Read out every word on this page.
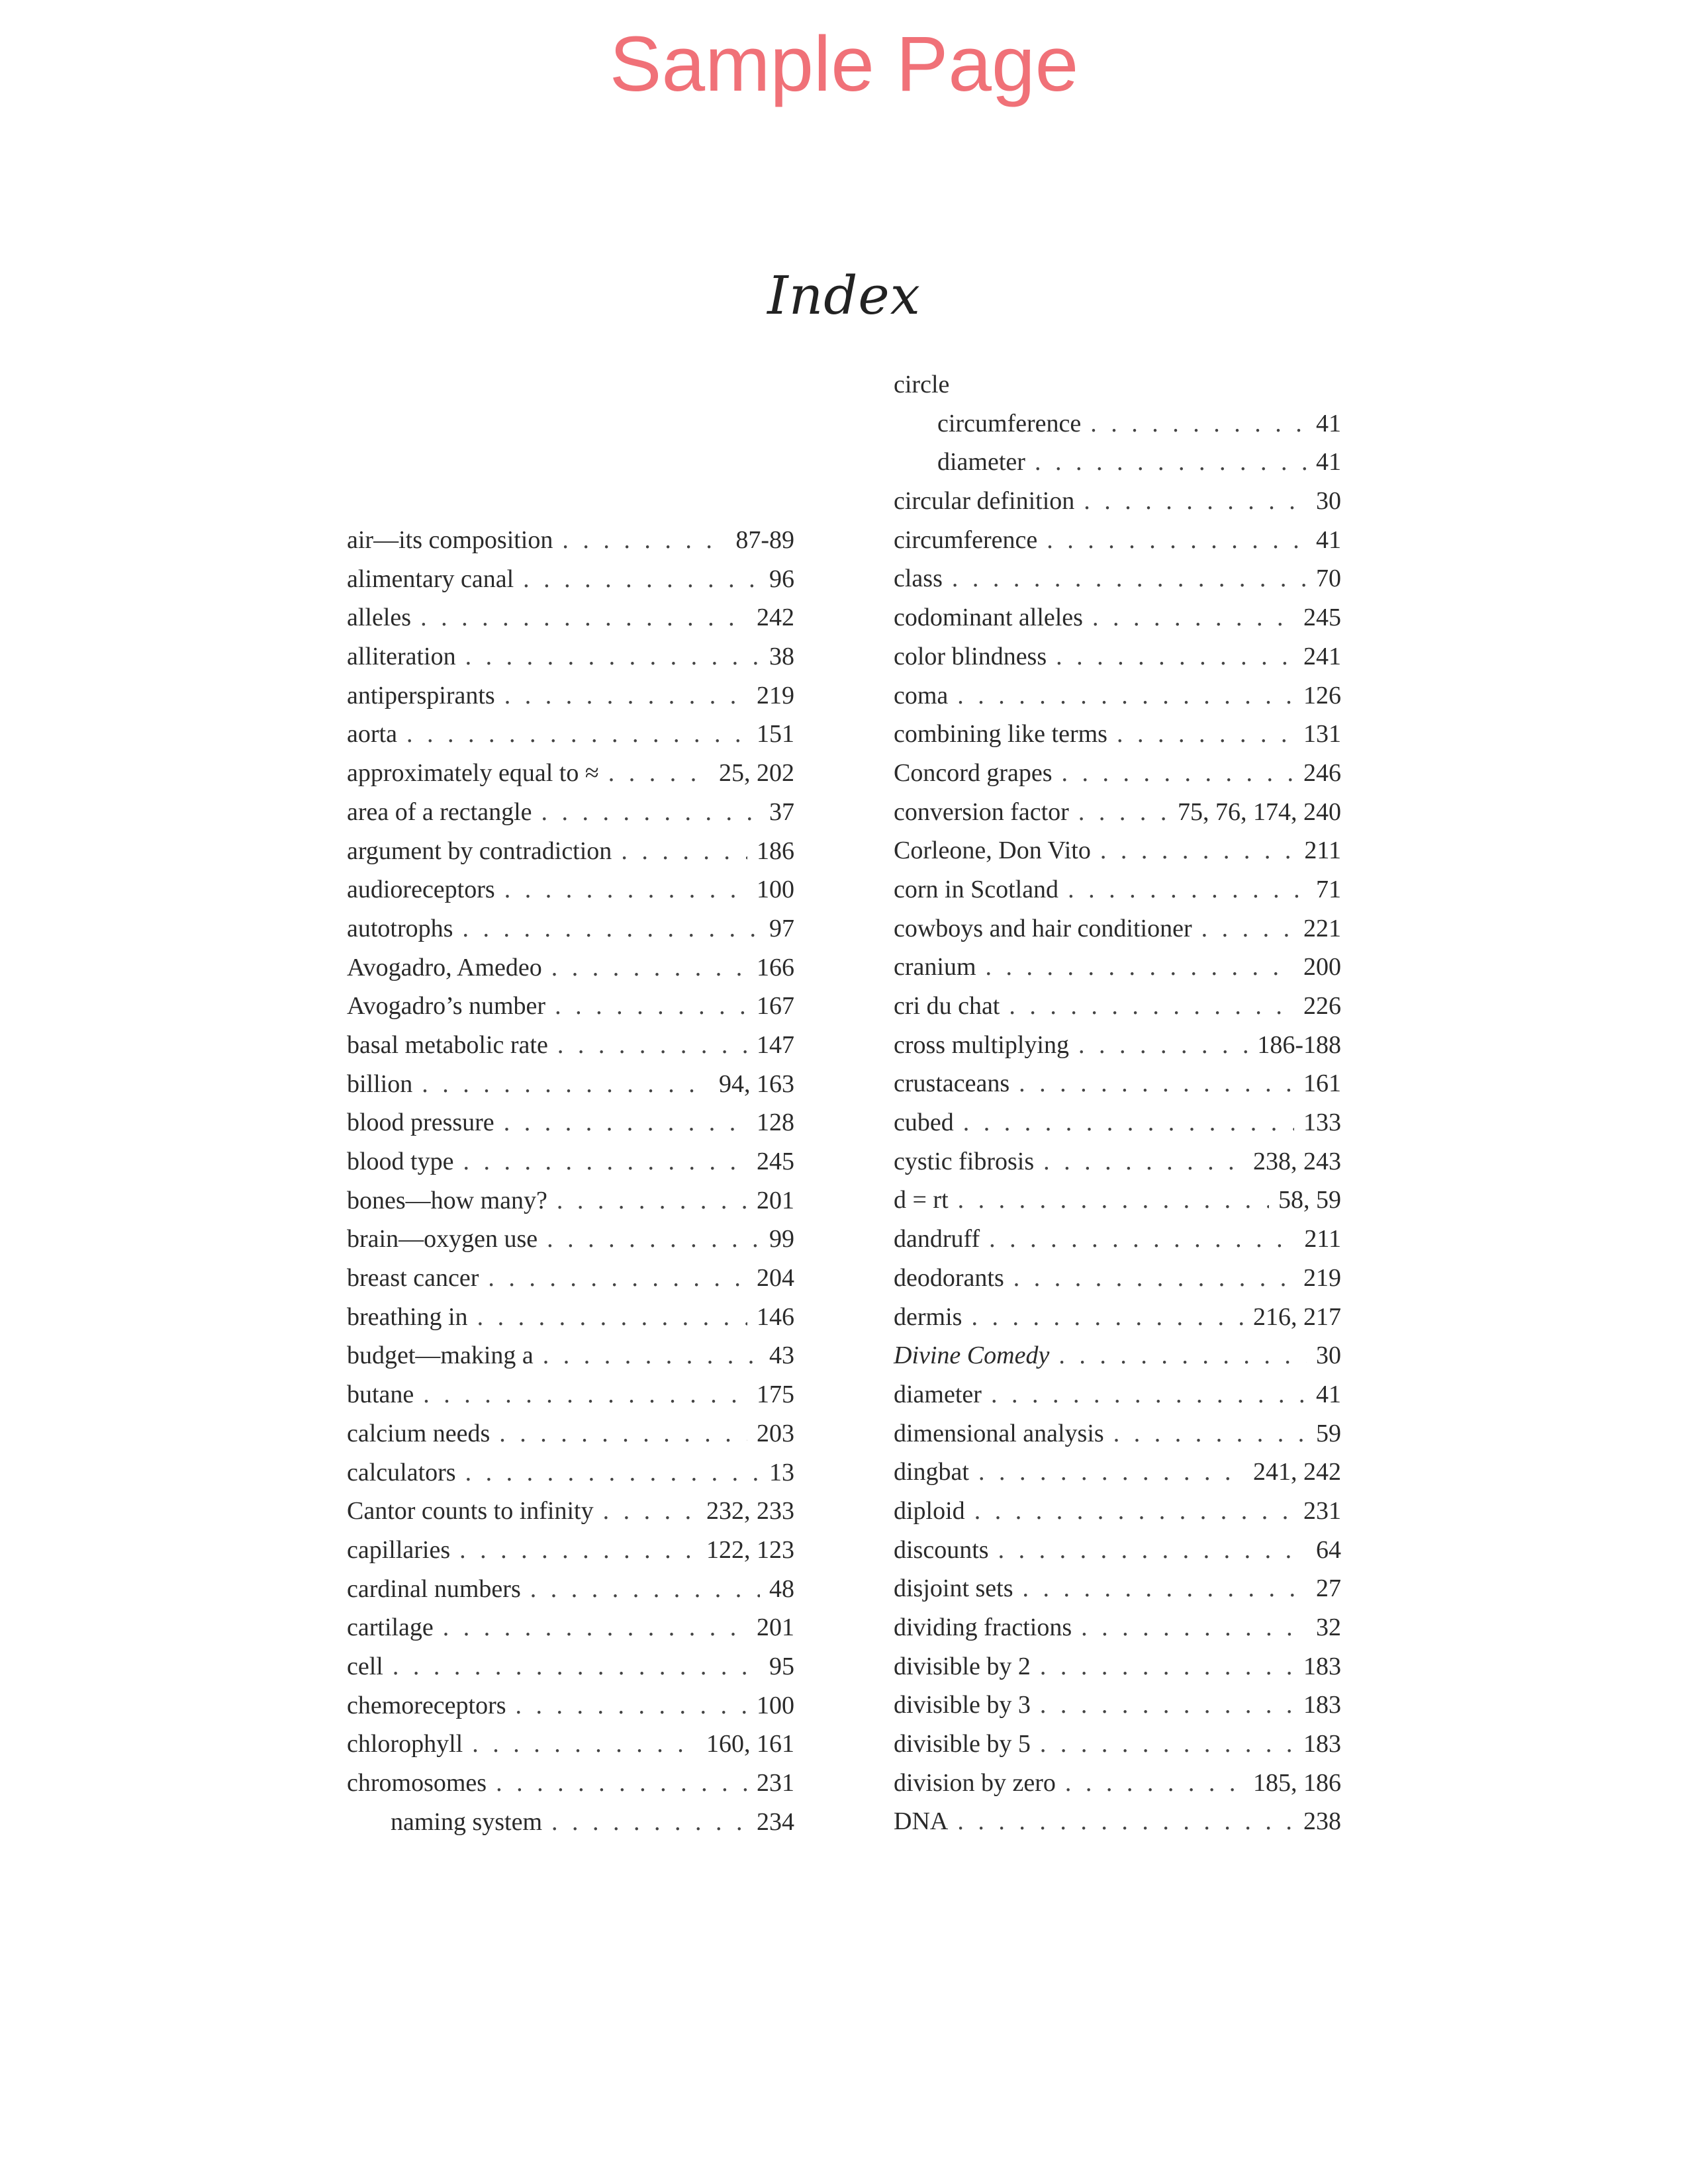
Sample Page
Index
air—its composition . . .	87-89
alimentary canal . . .	96
alleles . . .	242
alliteration . . .	38
antiperspirants . . .	219
aorta . . .	151
approximately equal to ≈ . . .	25, 202
area of a rectangle . . .	37
argument by contradiction . . .	186
audioreceptors . . .	100
autotrophs . . .	97
Avogadro, Amedeo . . .	166
Avogadro’s number . . .	167
basal metabolic rate . . .	147
billion . . .	94, 163
blood pressure . . .	128
blood type . . .	245
bones—how many? . . .	201
brain—oxygen use . . .	99
breast cancer . . .	204
breathing in . . .	146
budget—making a . . .	43
butane . . .	175
calcium needs . . .	203
calculators . . .	13
Cantor counts to infinity . . .	232, 233
capillaries . . .	122, 123
cardinal numbers . . .	48
cartilage . . .	201
cell . . .	95
chemoreceptors . . .	100
chlorophyll . . .	160, 161
chromosomes . . .	231
naming system . . .	234
circle
circumference . . .	41
diameter . . .	41
circular definition . . .	30
circumference . . .	41
class . . .	70
codominant alleles . . .	245
color blindness . . .	241
coma . . .	126
combining like terms . . .	131
Concord grapes . . .	246
conversion factor . . .	75, 76, 174, 240
Corleone, Don Vito . . .	211
corn in Scotland . . .	71
cowboys and hair conditioner . . .	221
cranium . . .	200
cri du chat . . .	226
cross multiplying . . .	186-188
crustaceans . . .	161
cubed . . .	133
cystic fibrosis . . .	238, 243
d = rt . . .	58, 59
dandruff . . .	211
deodorants . . .	219
dermis . . .	216, 217
Divine Comedy . . .	30
diameter . . .	41
dimensional analysis . . .	59
dingbat . . .	241, 242
diploid . . .	231
discounts . . .	64
disjoint sets . . .	27
dividing fractions . . .	32
divisible by 2 . . .	183
divisible by 3 . . .	183
divisible by 5 . . .	183
division by zero . . .	185, 186
DNA . . .	238
